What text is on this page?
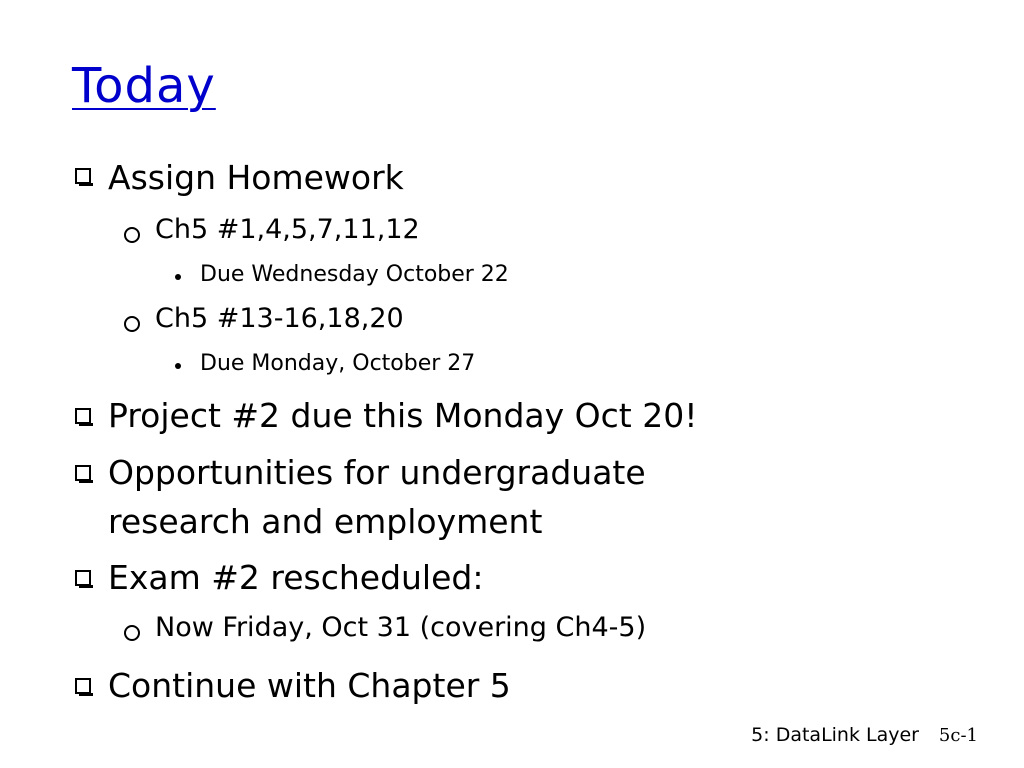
Today
Assign Homework
Ch5 #1,4,5,7,11,12
Due Wednesday October 22
Ch5 #13-16,18,20
Due Monday, October 27
Project #2 due this Monday Oct 20!
Opportunities for undergraduate
research and employment
Exam #2 rescheduled:
Now Friday, Oct 31 (covering Ch4-5)
Continue with Chapter 5
5: DataLink Layer 5c-1
